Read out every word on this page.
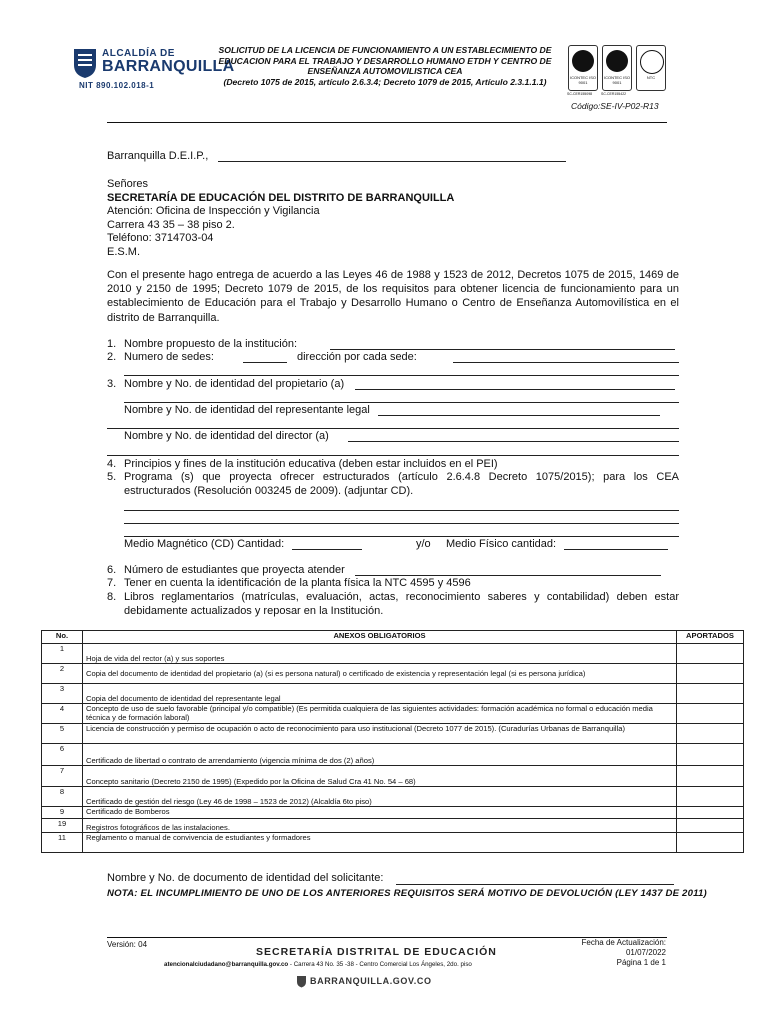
ALCALDÍA DE
BARRANQUILLA
NIT 890.102.018-1
SOLICITUD DE LA LICENCIA DE FUNCIONAMIENTO A UN ESTABLECIMIENTO DE
EDUCACION PARA EL TRABAJO Y DESARROLLO HUMANO ETDH Y CENTRO DE
ENSEÑANZA AUTOMOVILISTICA CEA
(Decreto 1075 de 2015, artículo 2.6.3.4; Decreto 1079 de 2015, Artículo 2.3.1.1.1)	ICONTEC ISO 9001
SC-CER155098
ICONTEC ISO 9001
SC-CER155422
NTC
Código:SE-IV-P02-R13
Barranquilla D.E.I.P.,
Señores
SECRETARÍA DE EDUCACIÓN DEL DISTRITO DE BARRANQUILLA
Atención: Oficina de Inspección y Vigilancia
Carrera 43 35 – 38 piso 2.
Teléfono: 3714703-04
E.S.M.
Con el presente hago entrega de acuerdo a las Leyes 46 de 1988 y 1523 de 2012, Decretos 1075 de 2015, 1469 de 2010 y 2150 de 1995; Decreto 1079 de 2015, de los requisitos para obtener licencia de funcionamiento para un establecimiento de Educación para el Trabajo y Desarrollo Humano o Centro de Enseñanza Automovilística en el distrito de Barranquilla.
1. Nombre propuesto de la institución:
2. Numero de sedes:	dirección por cada sede:
3. Nombre y No. de identidad del propietario (a)
Nombre y No. de identidad del representante legal
Nombre y No. de identidad del director (a)
4. Principios y fines de la institución educativa (deben estar incluidos en el PEI)
5. Programa (s) que proyecta ofrecer estructurados (artículo 2.6.4.8 Decreto 1075/2015); para los CEA estructurados (Resolución 003245 de 2009). (adjuntar CD).
Medio Magnético (CD) Cantidad:	y/o Medio Físico cantidad:
6. Número de estudiantes que proyecta atender
7. Tener en cuenta la identificación de la planta física la NTC 4595 y 4596
8. Libros reglamentarios (matrículas, evaluación, actas, reconocimiento saberes y contabilidad) deben estar debidamente actualizados y reposar en la Institución.
No.	ANEXOS OBLIGATORIOS	APORTADOS
1	Hoja de vida del rector (a) y sus soportes	
2	Copia del documento de identidad del propietario (a) (si es persona natural) o certificado de existencia y representación legal (si es persona jurídica)	
3	Copia del documento de identidad del representante legal	
4	Concepto de uso de suelo favorable (principal y/o compatible) (Es permitida cualquiera de las siguientes actividades: formación académica no formal o educación media técnica y de formación laboral)	
5	Licencia de construcción y permiso de ocupación o acto de reconocimiento para uso institucional (Decreto 1077 de 2015). (Curadurías Urbanas de Barranquilla)	
6	Certificado de libertad o contrato de arrendamiento (vigencia mínima de dos (2) años)	
7	Concepto sanitario (Decreto 2150 de 1995) (Expedido por la Oficina de Salud Cra 41 No. 54 – 68)	
8	Certificado de gestión del riesgo (Ley 46 de 1998 – 1523 de 2012) (Alcaldía 6to piso)	
9	Certificado de Bomberos	
19	Registros fotográficos de las instalaciones.	
11	Reglamento o manual de convivencia de estudiantes y formadores	
Nombre y No. de documento de identidad del solicitante:
NOTA: EL INCUMPLIMIENTO DE UNO DE LOS ANTERIORES REQUISITOS SERÁ MOTIVO DE DEVOLUCIÓN (LEY 1437 DE 2011)
Versión: 04
SECRETARÍA DISTRITAL DE EDUCACIÓN
atencionalciudadano@barranquilla.gov.co - Carrera 43 No. 35 -38 - Centro Comercial Los Ángeles, 2do. piso
Fecha de Actualización:
01/07/2022
Página 1 de 1
BARRANQUILLA.GOV.CO
